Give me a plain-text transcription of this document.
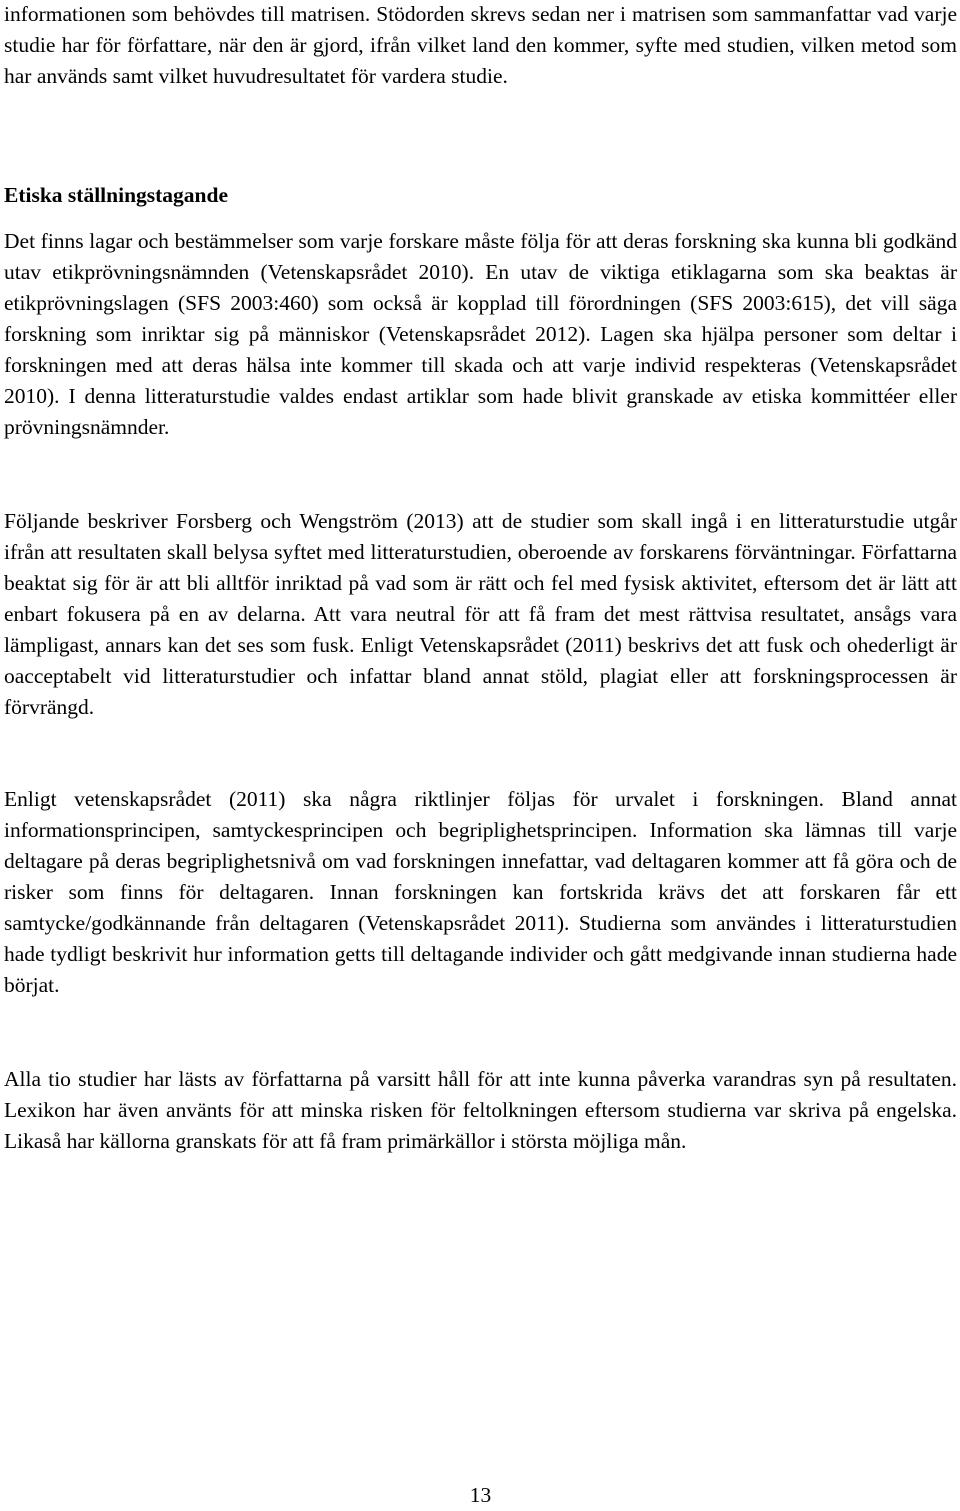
informationen som behövdes till matrisen. Stödorden skrevs sedan ner i matrisen som sammanfattar vad varje studie har för författare, när den är gjord, ifrån vilket land den kommer, syfte med studien, vilken metod som har används samt vilket huvudresultatet för vardera studie.

Etiska ställningstagande

Det finns lagar och bestämmelser som varje forskare måste följa för att deras forskning ska kunna bli godkänd utav etikprövningsnämnden (Vetenskapsrådet 2010). En utav de viktiga etiklagarna som ska beaktas är etikprövningslagen (SFS 2003:460) som också är kopplad till förordningen (SFS 2003:615), det vill säga forskning som inriktar sig på människor (Vetenskapsrådet 2012). Lagen ska hjälpa personer som deltar i forskningen med att deras hälsa inte kommer till skada och att varje individ respekteras (Vetenskapsrådet 2010). I denna litteraturstudie valdes endast artiklar som hade blivit granskade av etiska kommittéer eller prövningsnämnder.

Följande beskriver Forsberg och Wengström (2013) att de studier som skall ingå i en litteraturstudie utgår ifrån att resultaten skall belysa syftet med litteraturstudien, oberoende av forskarens förväntningar. Författarna beaktat sig för är att bli alltför inriktad på vad som är rätt och fel med fysisk aktivitet, eftersom det är lätt att enbart fokusera på en av delarna. Att vara neutral för att få fram det mest rättvisa resultatet, ansågs vara lämpligast, annars kan det ses som fusk. Enligt Vetenskapsrådet (2011) beskrivs det att fusk och ohederligt är oacceptabelt vid litteraturstudier och infattar bland annat stöld, plagiat eller att forskningsprocessen är förvrängd.

Enligt vetenskapsrådet (2011) ska några riktlinjer följas för urvalet i forskningen. Bland annat informationsprincipen, samtyckesprincipen och begriplighetsprincipen. Information ska lämnas till varje deltagare på deras begriplighetsnivå om vad forskningen innefattar, vad deltagaren kommer att få göra och de risker som finns för deltagaren. Innan forskningen kan fortskrida krävs det att forskaren får ett samtycke/godkännande från deltagaren (Vetenskapsrådet 2011). Studierna som användes i litteraturstudien hade tydligt beskrivit hur information getts till deltagande individer och gått medgivande innan studierna hade börjat.

Alla tio studier har lästs av författarna på varsitt håll för att inte kunna påverka varandras syn på resultaten. Lexikon har även använts för att minska risken för feltolkningen eftersom studierna var skriva på engelska. Likaså har källorna granskats för att få fram primärkällor i största möjliga mån.

13
